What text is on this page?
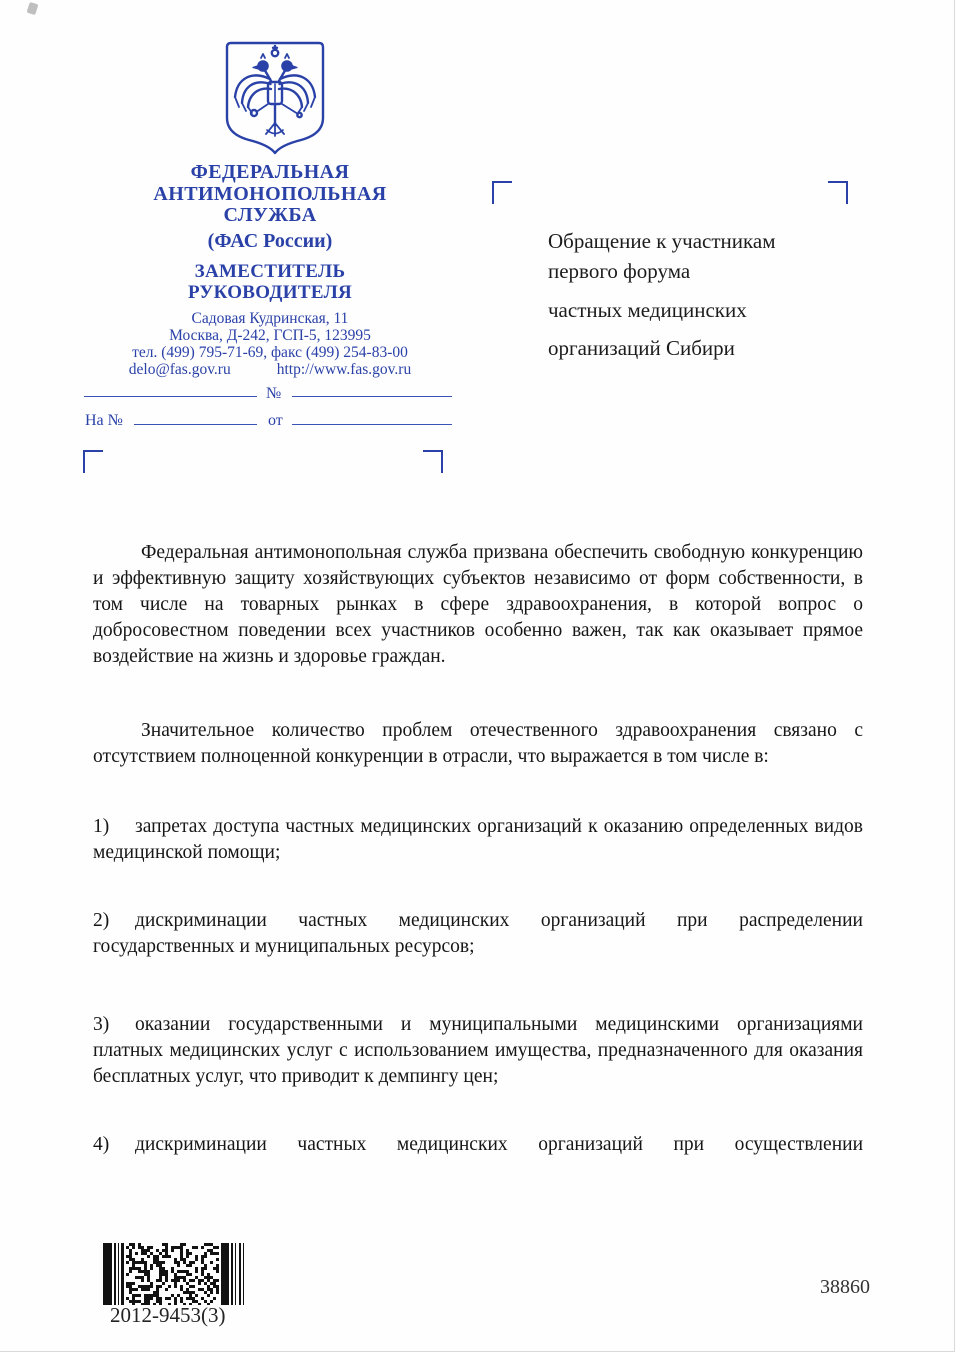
ФЕДЕРАЛЬНАЯ
АНТИМОНОПОЛЬНАЯ
СЛУЖБА
(ФАС России)
ЗАМЕСТИТЕЛЬ
РУКОВОДИТЕЛЯ
Садовая Кудринская, 11
Москва, Д-242, ГСП-5, 123995
тел. (499) 795-71-69, факс (499) 254-83-00
delo@fas.gov.ru	http://www.fas.gov.ru
№
На №	от
Обращение к участникам
первого форума
частных медицинских
организаций Сибири

Федеральная антимонопольная служба призвана обеспечить свободную конкуренцию и эффективную защиту хозяйствующих субъектов независимо от форм собственности, в том числе на товарных рынках в сфере здравоохранения, в которой вопрос о добросовестном поведении всех участников особенно важен, так как оказывает прямое воздействие на жизнь и здоровье граждан.

Значительное количество проблем отечественного здравоохранения связано с отсутствием полноценной конкуренции в отрасли, что выражается в том числе в:

1) запретах доступа частных медицинских организаций к оказанию определенных видов медицинской помощи;

2) дискриминации частных медицинских организаций при распределении государственных и муниципальных ресурсов;

3) оказании государственными и муниципальными медицинскими организациями платных медицинских услуг с использованием имущества, предназначенного для оказания бесплатных услуг, что приводит к демпингу цен;

4) дискриминации частных медицинских организаций при осуществлении

2012-9453(3)
38860
